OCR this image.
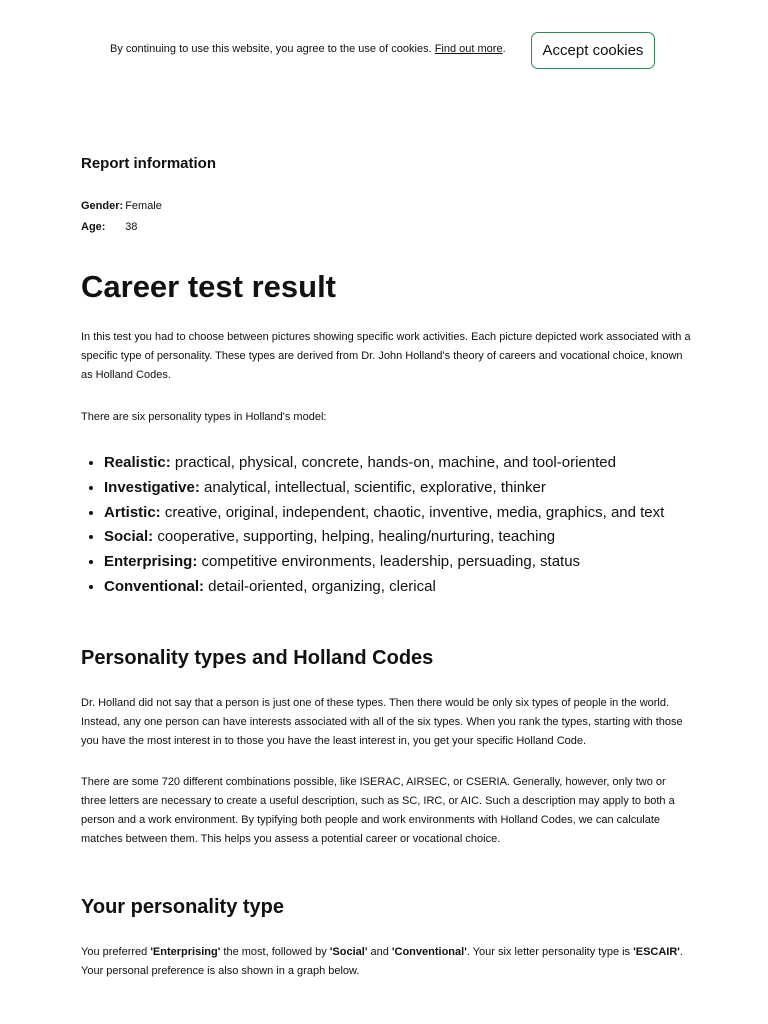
By continuing to use this website, you agree to the use of cookies. Find out more.	Accept cookies
Report information
Gender:	Female
Age:	38
Career test result

In this test you had to choose between pictures showing specific work activities. Each picture depicted work associated with a specific type of personality. These types are derived from Dr. John Holland's theory of careers and vocational choice, known as Holland Codes.

There are six personality types in Holland's model:

• Realistic: practical, physical, concrete, hands-on, machine, and tool-oriented
• Investigative: analytical, intellectual, scientific, explorative, thinker
• Artistic: creative, original, independent, chaotic, inventive, media, graphics, and text
• Social: cooperative, supporting, helping, healing/nurturing, teaching
• Enterprising: competitive environments, leadership, persuading, status
• Conventional: detail-oriented, organizing, clerical
Personality types and Holland Codes

Dr. Holland did not say that a person is just one of these types. Then there would be only six types of people in the world. Instead, any one person can have interests associated with all of the six types. When you rank the types, starting with those you have the most interest in to those you have the least interest in, you get your specific Holland Code.

There are some 720 different combinations possible, like ISERAC, AIRSEC, or CSERIA. Generally, however, only two or three letters are necessary to create a useful description, such as SC, IRC, or AIC. Such a description may apply to both a person and a work environment. By typifying both people and work environments with Holland Codes, we can calculate matches between them. This helps you assess a potential career or vocational choice.

Your personality type

You preferred 'Enterprising' the most, followed by 'Social' and 'Conventional'. Your six letter personality type is 'ESCAIR'. Your personal preference is also shown in a graph below.
